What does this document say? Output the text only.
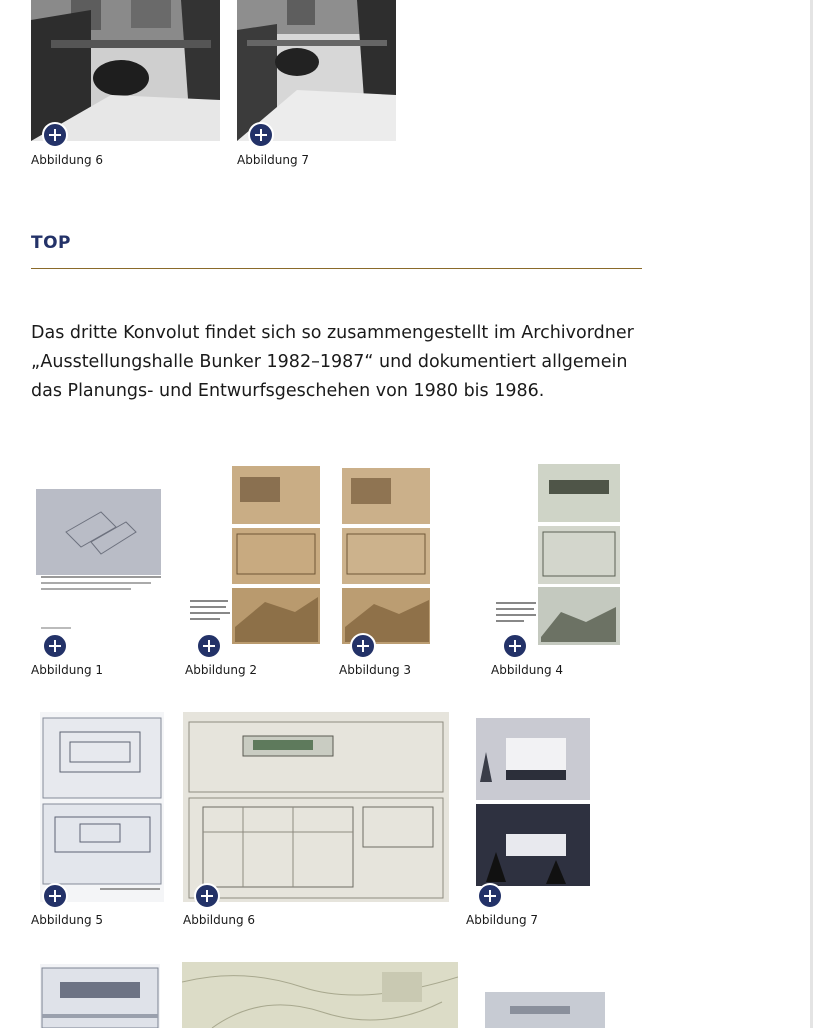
Abbildung 6	Abbildung 7
TOP

Das dritte Konvolut findet sich so zusammengestellt im Archivordner „Ausstellungshalle Bunker 1982–1987“ und dokumentiert allgemein das Planungs- und Entwurfsgeschehen von 1980 bis 1986.

Abbildung 1	Abbildung 2	Abbildung 3	Abbildung 4
Abbildung 5	Abbildung 6	Abbildung 7
